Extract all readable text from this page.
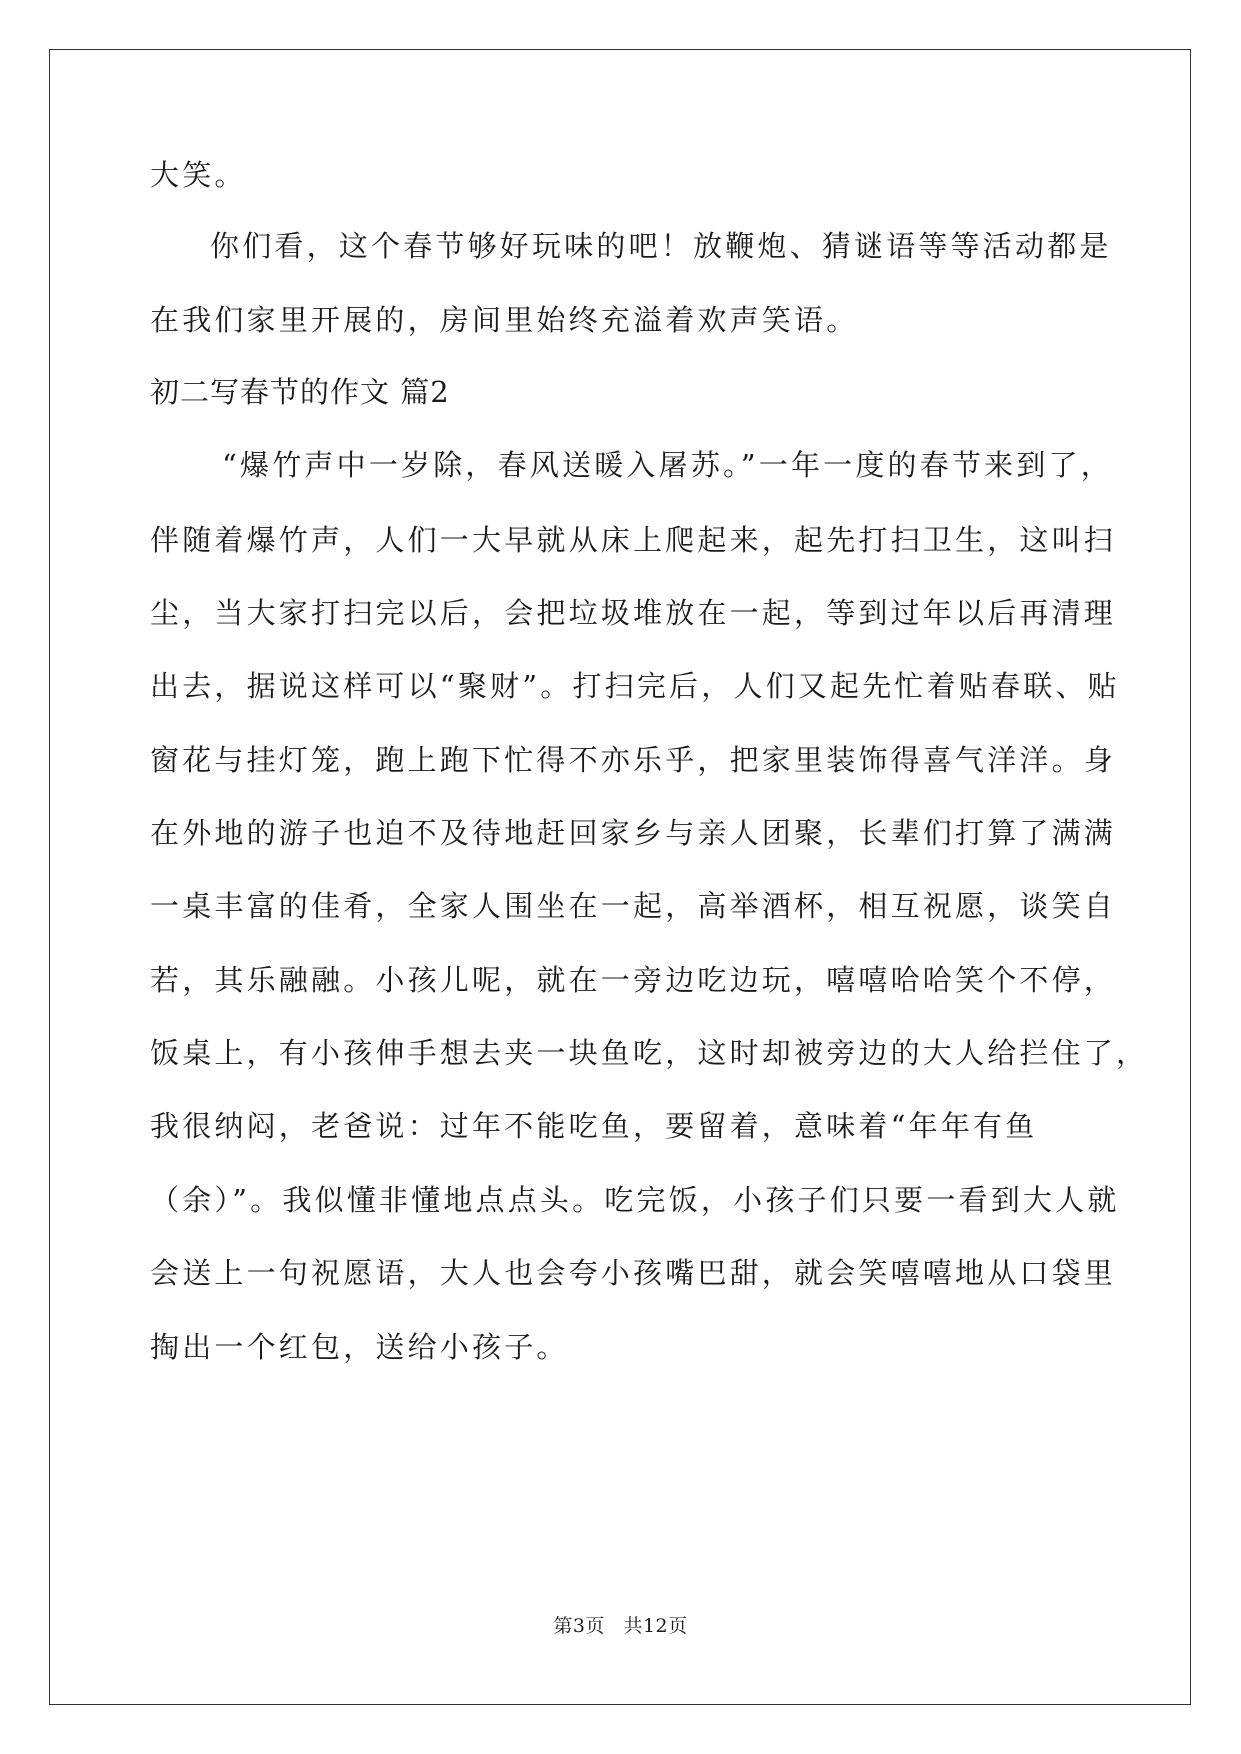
大笑。
你们看，这个春节够好玩味的吧！放鞭炮、猜谜语等等活动都是
在我们家里开展的，房间里始终充溢着欢声笑语。
初二写春节的作文 篇2
“爆竹声中一岁除，春风送暖入屠苏。”一年一度的春节来到了，
伴随着爆竹声，人们一大早就从床上爬起来，起先打扫卫生，这叫扫
尘，当大家打扫完以后，会把垃圾堆放在一起，等到过年以后再清理
出去，据说这样可以“聚财”。打扫完后，人们又起先忙着贴春联、贴
窗花与挂灯笼，跑上跑下忙得不亦乐乎，把家里装饰得喜气洋洋。身
在外地的游子也迫不及待地赶回家乡与亲人团聚，长辈们打算了满满
一桌丰富的佳肴，全家人围坐在一起，高举酒杯，相互祝愿，谈笑自
若，其乐融融。小孩儿呢，就在一旁边吃边玩，嘻嘻哈哈笑个不停，
饭桌上，有小孩伸手想去夹一块鱼吃，这时却被旁边的大人给拦住了，
我很纳闷，老爸说：过年不能吃鱼，要留着，意味着“年年有鱼
（余）”。我似懂非懂地点点头。吃完饭，小孩子们只要一看到大人就
会送上一句祝愿语，大人也会夸小孩嘴巴甜，就会笑嘻嘻地从口袋里
掏出一个红包，送给小孩子。
第3页 共12页
